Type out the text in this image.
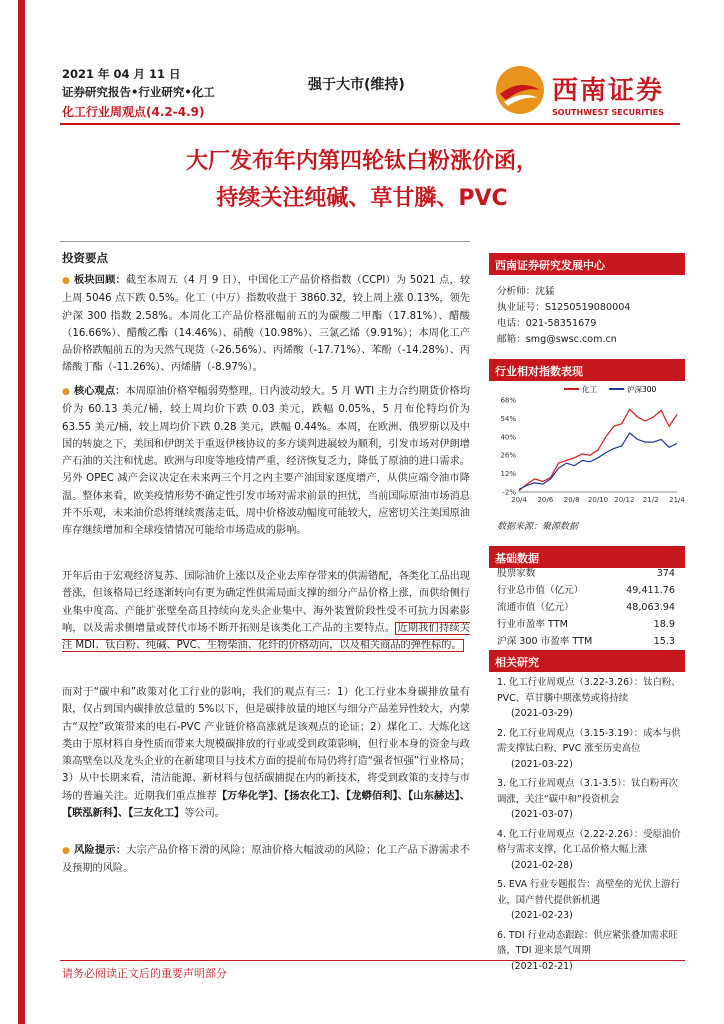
2021 年 04 月 11 日
证券研究报告•行业研究•化工
化工行业周观点(4.2-4.9)
强于大市(维持)	西南证券
SOUTHWEST SECURITIES
大厂发布年内第四轮钛白粉涨价函，
持续关注纯碱、草甘膦、PVC
投资要点
● 板块回顾：截至本周五（4 月 9 日），中国化工产品价格指数（CCPI）为 5021 点，较上周 5046 点下跌 0.5%。化工（中万）指数收盘于 3860.32，较上周上涨 0.13%，领先沪深 300 指数 2.58%。本周化工产品价格涨幅前五的为碳酸二甲酯（17.81%）、醋酸（16.66%）、醋酸乙酯（14.46%）、硝酸（10.98%）、三氯乙烯（9.91%）；本周化工产品价格跌幅前五的为天然气现货（-26.56%）、丙烯酸（-17.71%）、苯酚（-14.28%）、丙烯酸丁酯（-11.26%）、丙烯腈（-8.97%）。
● 核心观点：本周原油价格窄幅弱势整理，日内波动较大。5 月 WTI 主力合约期货价格均价为 60.13 美元/桶，较上周均价下跌 0.03 美元，跌幅 0.05%，5 月布伦特均价为 63.55 美元/桶，较上周均价下跌 0.28 美元，跌幅 0.44%。本周，在欧洲、俄罗斯以及中国的转旋之下，美国和伊朗关于重返伊核协议的多方谈判进展较为顺利，引发市场对伊朗增产石油的关注和忧虑。欧洲与印度等地疫情严重，经济恢复乏力，降低了原油的进口需求。另外 OPEC 减产会议决定在未来两三个月之内主要产油国家逐度增产，从供应端令油市降温。整体来看，欧美疫情形势不确定性引发市场对需求前景的担忧，当前国际原油市场消息并不乐观，未来油价恐将继续震荡走低，周中价格波动幅度可能较大，应密切关注美国原油库存继续增加和全球疫情情况可能给市场造成的影响。
开年后由于宏观经济复苏、国际油价上涨以及企业去库存带来的供需错配，各类化工品出现普涨，但该格局已经逐渐转向有更为确定性供需局面支撑的细分产品价格上涨，而供给侧行业集中度高、产能扩张壁垒高且持续向龙头企业集中、海外装置阶段性受不可抗力因素影响，以及需求侧增量或替代市场不断开拓则是该类化工产品的主要特点。 近期我们持续关注 MDI、钛白粉、纯碱、PVC、生物柴油、化纤的价格动向，以及相关商品的弹性标的。
而对于“碳中和”政策对化工行业的影响，我们的观点有三：1）化工行业本身碳排放量有限，仅占到国内碳排放总量的 5%以下，但是碳排放量的地区与细分产品差异性较大，内蒙古“双控”政策带来的电石-PVC 产业链价格高涨就是该观点的论证；2）煤化工、大炼化这类由于原材料自身性质而带来大规模碳排放的行业或受到政策影响，但行业本身的资金与政策高壁垒以及龙头企业的在新建项目与技术方面的提前布局仍将打造“强者恒强”行业格局；3）从中长期来看，清洁能源、新材料与包括碳捕捉在内的新技术，将受到政策的支持与市场的普遍关注。近期我们重点推荐【万华化学】、【扬农化工】、【龙蟒佰利】、【山东赫达】、【联泓新科】、【三友化工】等公司。
● 风险提示：大宗产品价格下滑的风险；原油价格大幅波动的风险；化工产品下游需求不及预期的风险。
西南证券研究发展中心
分析师：沈猛
执业证号：S1250519080004
电话：021-58351679
邮箱：smg@swsc.com.cn
行业相对指数表现
化工	沪深300
68%
54%
40%
26%
12%
-2%
20/4 20/6 20/8 20/10 20/12 21/2 21/4
数据来源：聚源数据
基础数据
股票家数	374
行业总市值（亿元）	49,411.76
流通市值（亿元）	48,063.94
行业市盈率 TTM	18.9
沪深 300 市盈率 TTM	15.3
相关研究
1. 化工行业周观点（3.22-3.26）：钛白粉、PVC、草甘膦中期涨势或将持续
(2021-03-29)
2. 化工行业周观点（3.15-3.19）：成本与供需支撑钛白粉、PVC 涨至历史高位
(2021-03-22)
3. 化工行业周观点（3.1-3.5）：钛白粉再次调涨，关注“碳中和”投资机会
(2021-03-07)
4. 化工行业周观点（2.22-2.26）：受原油价格与需求支撑，化工品价格大幅上涨
(2021-02-28)
5. EVA 行业专题报告：高壁垒的光伏上游行业，国产替代提供新机遇
(2021-02-23)
6. TDI 行业动态跟踪：供应紧张叠加需求旺盛，TDI 迎来景气周期
(2021-02-21)
请务必阅读正文后的重要声明部分
